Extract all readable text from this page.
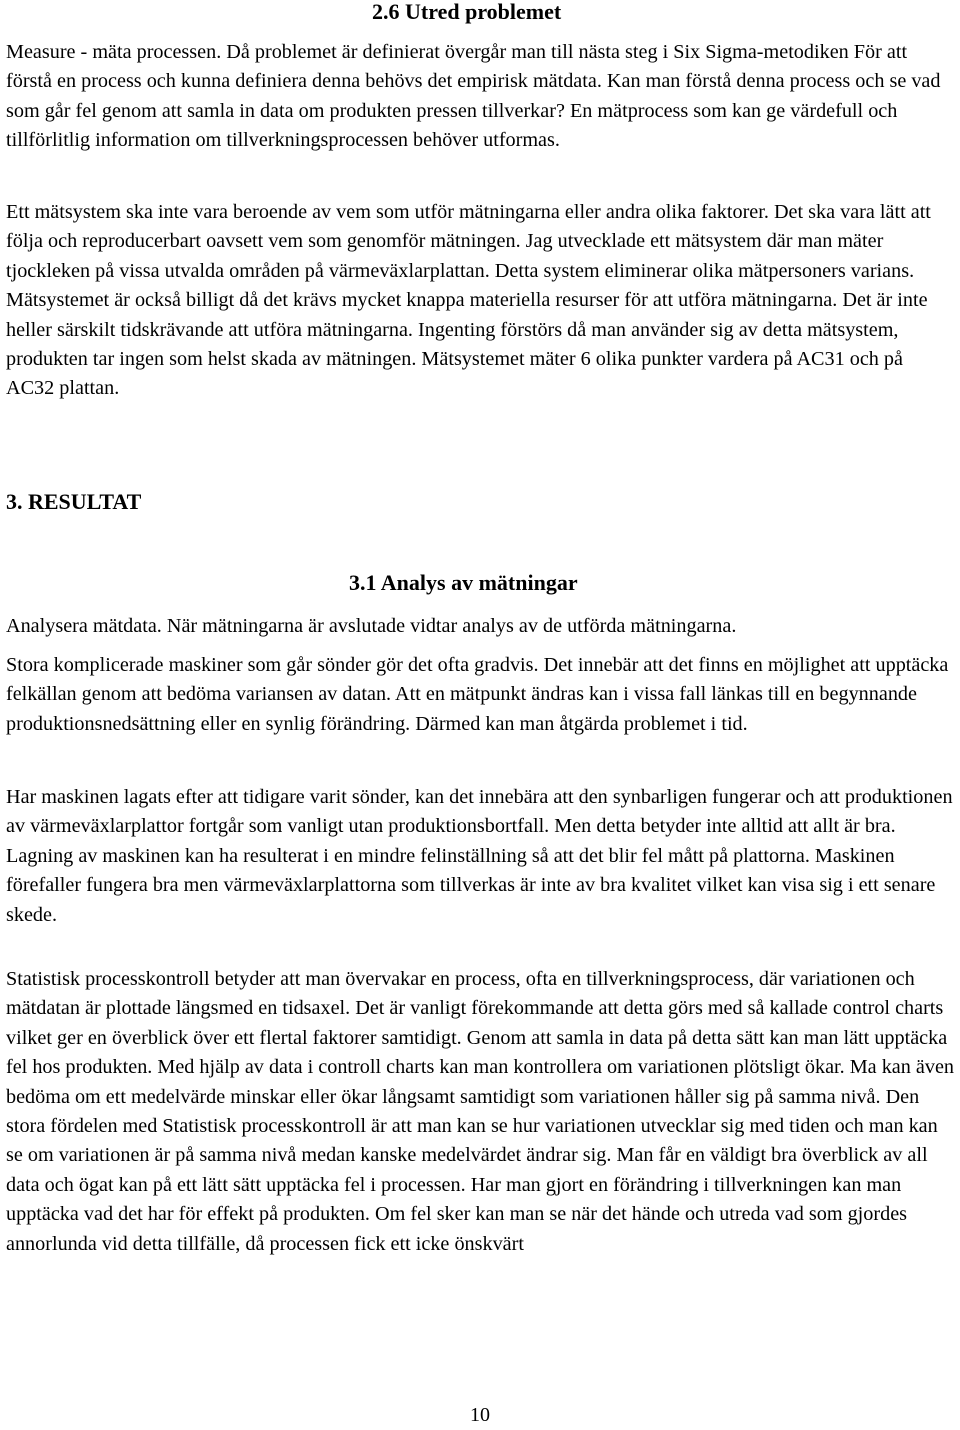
2.6 Utred problemet

Measure - mäta processen. Då problemet är definierat övergår man till nästa steg i Six Sigma-metodiken För att förstå en process och kunna definiera denna behövs det empirisk mätdata. Kan man förstå denna process och se vad som går fel genom att samla in data om produkten pressen tillverkar? En mätprocess som kan ge värdefull och tillförlitlig information om tillverkningsprocessen behöver utformas.

Ett mätsystem ska inte vara beroende av vem som utför mätningarna eller andra olika faktorer. Det ska vara lätt att följa och reproducerbart oavsett vem som genomför mätningen. Jag utvecklade ett mätsystem där man mäter tjockleken på vissa utvalda områden på värmeväxlarplattan. Detta system eliminerar olika mätpersoners varians. Mätsystemet är också billigt då det krävs mycket knappa materiella resurser för att utföra mätningarna. Det är inte heller särskilt tidskrävande att utföra mätningarna. Ingenting förstörs då man använder sig av detta mätsystem, produkten tar ingen som helst skada av mätningen. Mätsystemet mäter 6 olika punkter vardera på AC31 och på AC32 plattan.

3. RESULTAT
3.1 Analys av mätningar

Analysera mätdata. När mätningarna är avslutade vidtar analys av de utförda mätningarna.

Stora komplicerade maskiner som går sönder gör det ofta gradvis. Det innebär att det finns en möjlighet att upptäcka felkällan genom att bedöma variansen av datan. Att en mätpunkt ändras kan i vissa fall länkas till en begynnande produktionsnedsättning eller en synlig förändring. Därmed kan man åtgärda problemet i tid.

Har maskinen lagats efter att tidigare varit sönder, kan det innebära att den synbarligen fungerar och att produktionen av värmeväxlarplattor fortgår som vanligt utan produktionsbortfall. Men detta betyder inte alltid att allt är bra. Lagning av maskinen kan ha resulterat i en mindre felinställning så att det blir fel mått på plattorna. Maskinen förefaller fungera bra men värmeväxlarplattorna som tillverkas är inte av bra kvalitet vilket kan visa sig i ett senare skede.

Statistisk processkontroll betyder att man övervakar en process, ofta en tillverkningsprocess, där variationen och mätdatan är plottade längsmed en tidsaxel. Det är vanligt förekommande att detta görs med så kallade control charts vilket ger en överblick över ett flertal faktorer samtidigt. Genom att samla in data på detta sätt kan man lätt upptäcka fel hos produkten. Med hjälp av data i controll charts kan man kontrollera om variationen plötsligt ökar. Ma kan även bedöma om ett medelvärde minskar eller ökar långsamt samtidigt som variationen håller sig på samma nivå. Den stora fördelen med Statistisk processkontroll är att man kan se hur variationen utvecklar sig med tiden och man kan se om variationen är på samma nivå medan kanske medelvärdet ändrar sig. Man får en väldigt bra överblick av all data och ögat kan på ett lätt sätt upptäcka fel i processen. Har man gjort en förändring i tillverkningen kan man upptäcka vad det har för effekt på produkten. Om fel sker kan man se när det hände och utreda vad som gjordes annorlunda vid detta tillfälle, då processen fick ett icke önskvärt

10
